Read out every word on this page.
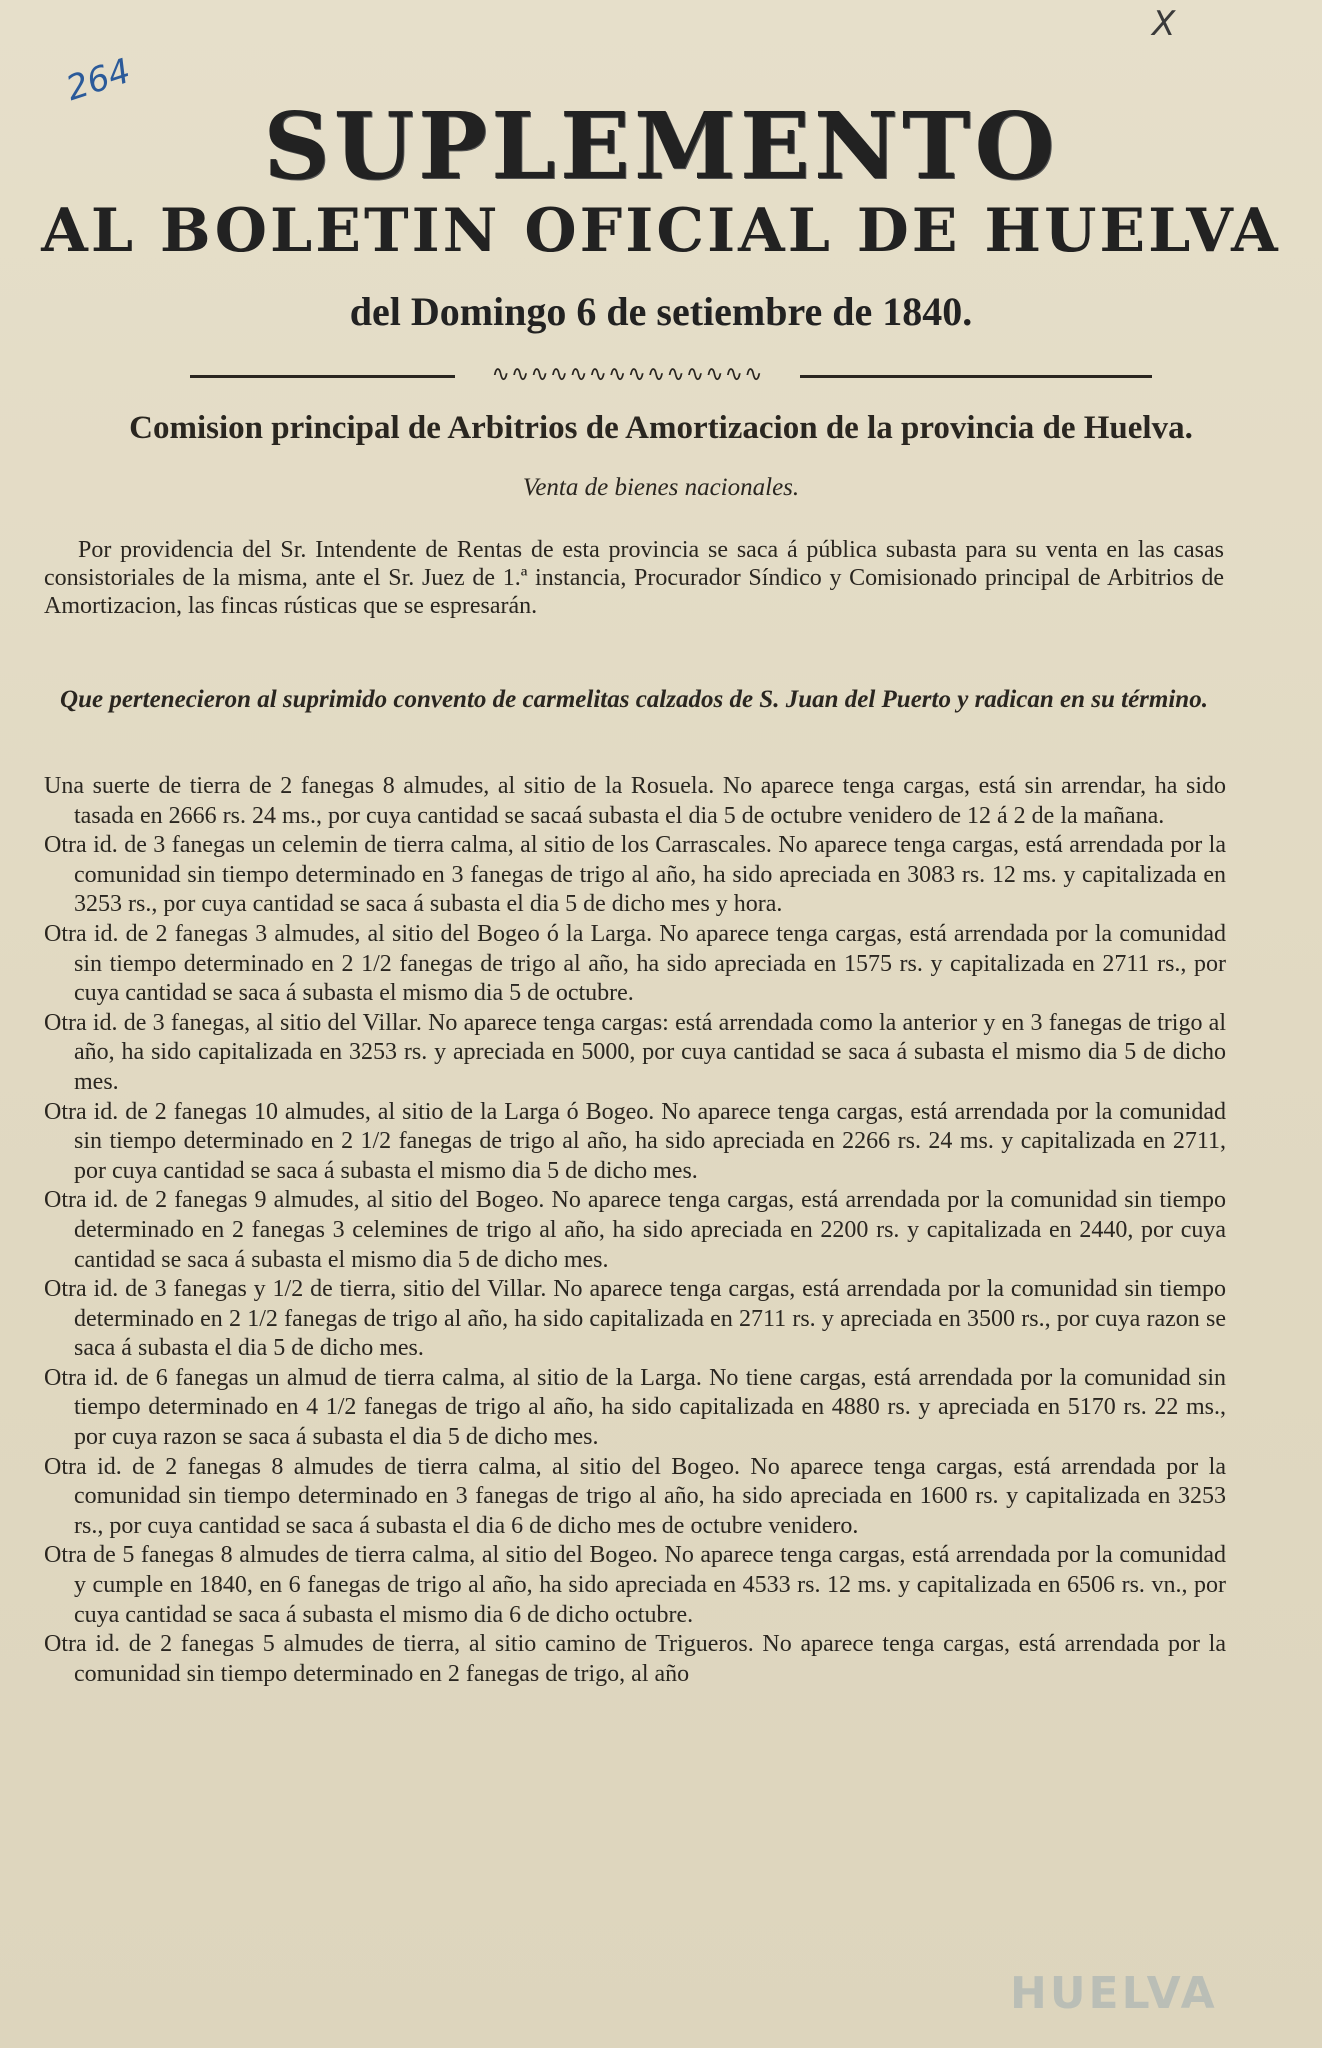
X
264
SUPLEMENTO
AL BOLETIN OFICIAL DE HUELVA
del Domingo 6 de setiembre de 1840.
∿∿∿∿∿∿∿∿∿∿∿∿∿∿
Comision principal de Arbitrios de Amortizacion de la provincia de Huelva.
Venta de bienes nacionales.
Por providencia del Sr. Intendente de Rentas de esta provincia se saca á pública subasta para su venta en las casas consistoriales de la misma, ante el Sr. Juez de 1.ª instancia, Procurador Síndico y Comisionado principal de Arbitrios de Amortizacion, las fincas rústicas que se espresarán.
Que pertenecieron al suprimido convento de carmelitas calzados de S. Juan del Puerto y radican en su término.

Una suerte de tierra de 2 fanegas 8 almudes, al sitio de la Rosuela. No aparece tenga cargas, está sin arrendar, ha sido tasada en 2666 rs. 24 ms., por cuya cantidad se sacaá subasta el dia 5 de octubre venidero de 12 á 2 de la mañana.

Otra id. de 3 fanegas un celemin de tierra calma, al sitio de los Carrascales. No aparece tenga cargas, está arrendada por la comunidad sin tiempo determinado en 3 fanegas de trigo al año, ha sido apreciada en 3083 rs. 12 ms. y capitalizada en 3253 rs., por cuya cantidad se saca á subasta el dia 5 de dicho mes y hora.

Otra id. de 2 fanegas 3 almudes, al sitio del Bogeo ó la Larga. No aparece tenga cargas, está arrendada por la comunidad sin tiempo determinado en 2 1/2 fanegas de trigo al año, ha sido apreciada en 1575 rs. y capitalizada en 2711 rs., por cuya cantidad se saca á subasta el mismo dia 5 de octubre.

Otra id. de 3 fanegas, al sitio del Villar. No aparece tenga cargas: está arrendada como la anterior y en 3 fanegas de trigo al año, ha sido capitalizada en 3253 rs. y apreciada en 5000, por cuya cantidad se saca á subasta el mismo dia 5 de dicho mes.

Otra id. de 2 fanegas 10 almudes, al sitio de la Larga ó Bogeo. No aparece tenga cargas, está arrendada por la comunidad sin tiempo determinado en 2 1/2 fanegas de trigo al año, ha sido apreciada en 2266 rs. 24 ms. y capitalizada en 2711, por cuya cantidad se saca á subasta el mismo dia 5 de dicho mes.

Otra id. de 2 fanegas 9 almudes, al sitio del Bogeo. No aparece tenga cargas, está arrendada por la comunidad sin tiempo determinado en 2 fanegas 3 celemines de trigo al año, ha sido apreciada en 2200 rs. y capitalizada en 2440, por cuya cantidad se saca á subasta el mismo dia 5 de dicho mes.

Otra id. de 3 fanegas y 1/2 de tierra, sitio del Villar. No aparece tenga cargas, está arrendada por la comunidad sin tiempo determinado en 2 1/2 fanegas de trigo al año, ha sido capitalizada en 2711 rs. y apreciada en 3500 rs., por cuya razon se saca á subasta el dia 5 de dicho mes.

Otra id. de 6 fanegas un almud de tierra calma, al sitio de la Larga. No tiene cargas, está arrendada por la comunidad sin tiempo determinado en 4 1/2 fanegas de trigo al año, ha sido capitalizada en 4880 rs. y apreciada en 5170 rs. 22 ms., por cuya razon se saca á subasta el dia 5 de dicho mes.

Otra id. de 2 fanegas 8 almudes de tierra calma, al sitio del Bogeo. No aparece tenga cargas, está arrendada por la comunidad sin tiempo determinado en 3 fanegas de trigo al año, ha sido apreciada en 1600 rs. y capitalizada en 3253 rs., por cuya cantidad se saca á subasta el dia 6 de dicho mes de octubre venidero.

Otra de 5 fanegas 8 almudes de tierra calma, al sitio del Bogeo. No aparece tenga cargas, está arrendada por la comunidad y cumple en 1840, en 6 fanegas de trigo al año, ha sido apreciada en 4533 rs. 12 ms. y capitalizada en 6506 rs. vn., por cuya cantidad se saca á subasta el mismo dia 6 de dicho octubre.

Otra id. de 2 fanegas 5 almudes de tierra, al sitio camino de Trigueros. No aparece tenga cargas, está arrendada por la comunidad sin tiempo determinado en 2 fanegas de trigo, al año

HUELVA
